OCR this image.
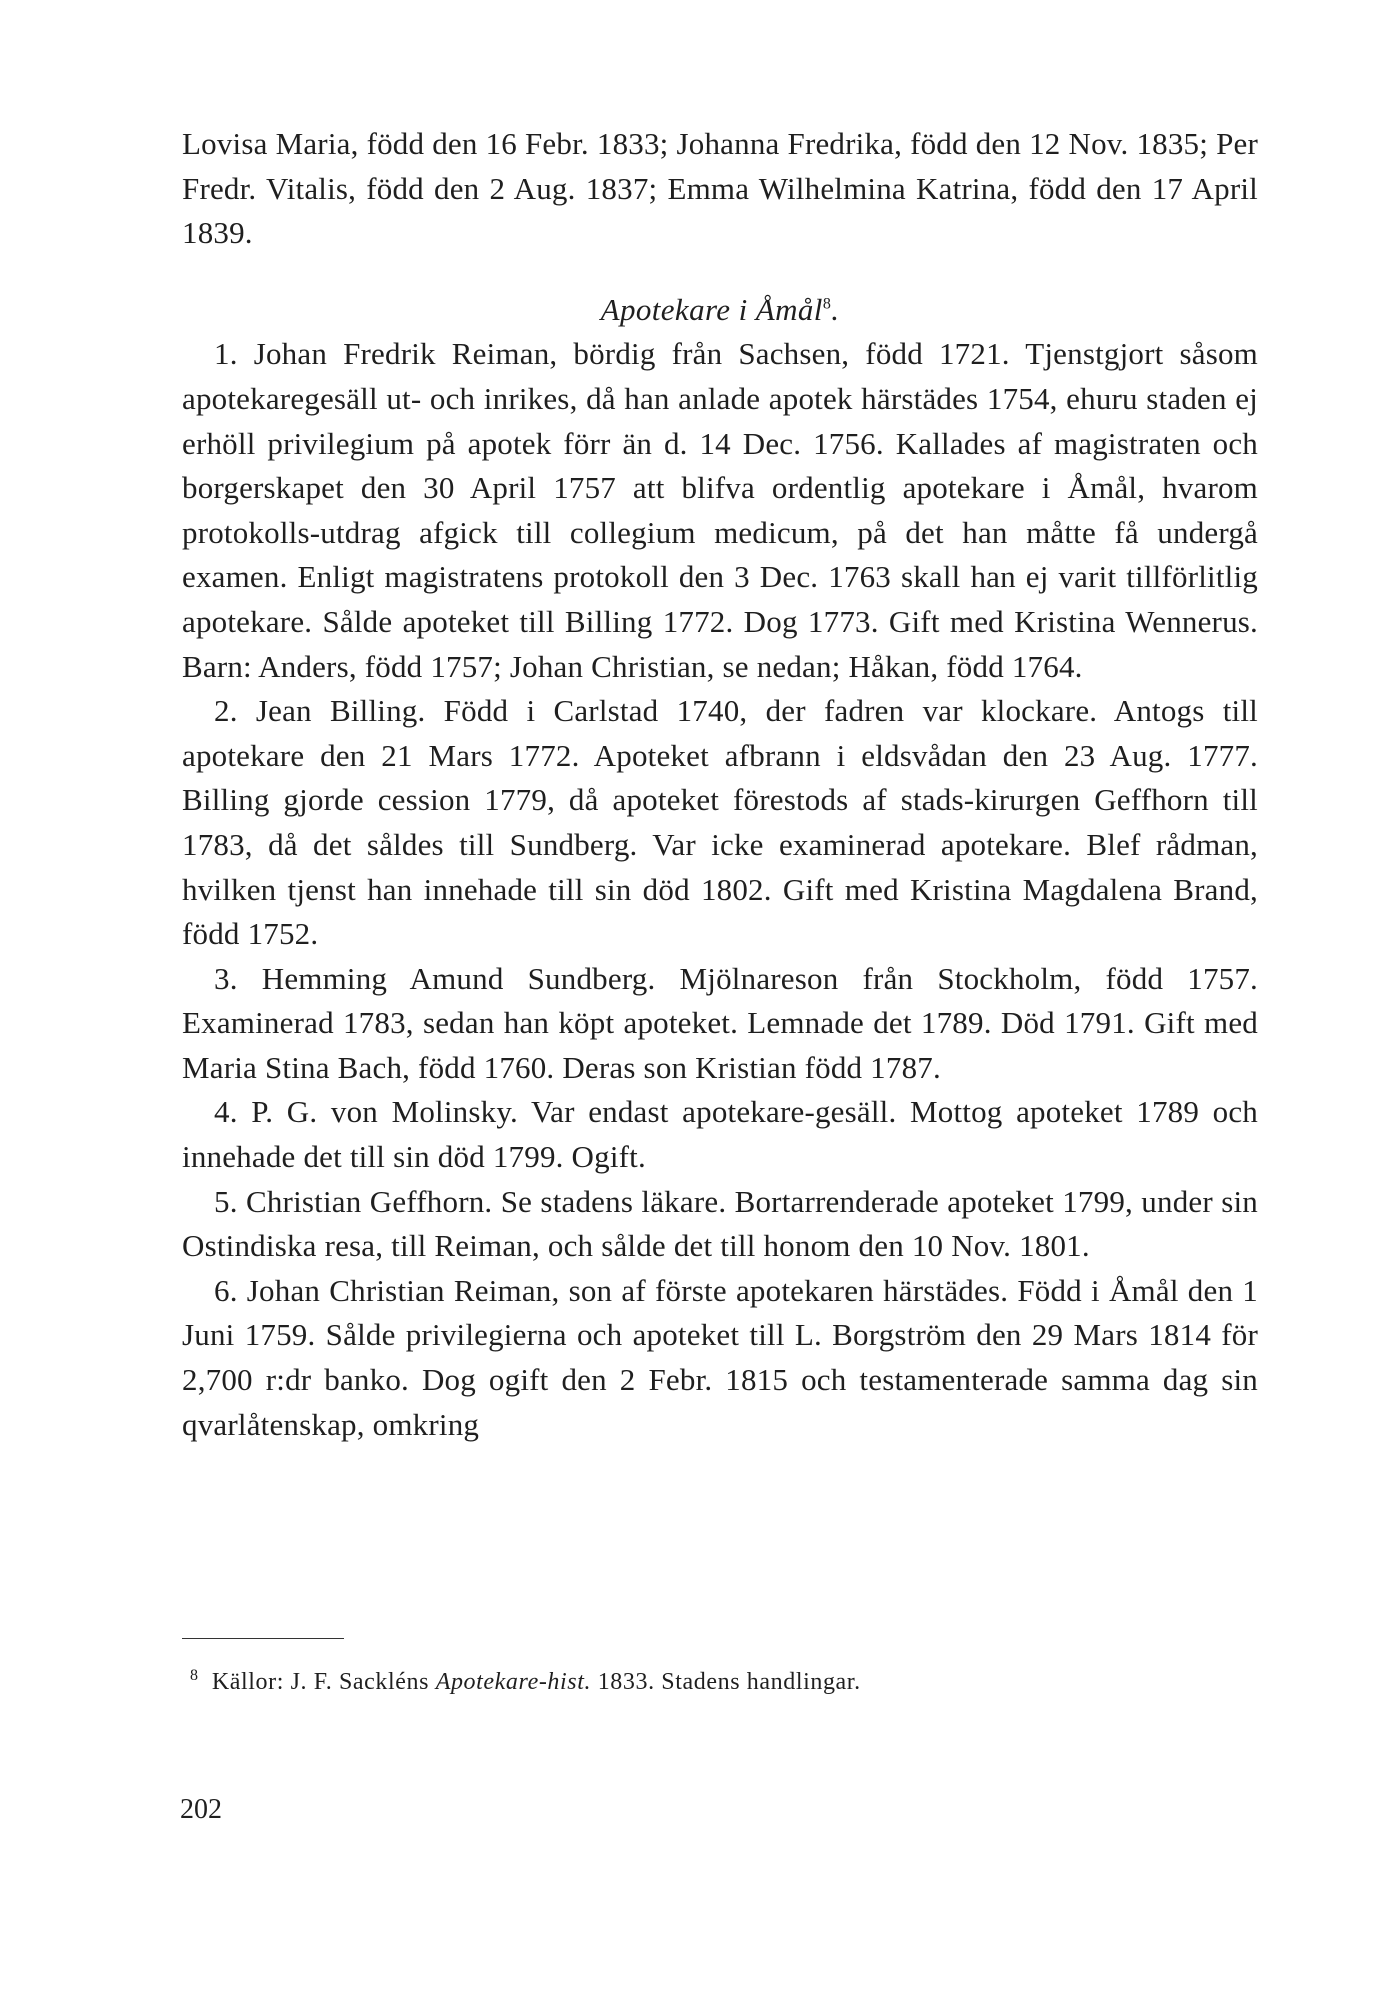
Lovisa Maria, född den 16 Febr. 1833; Johanna Fredrika, född den 12 Nov. 1835; Per Fredr. Vitalis, född den 2 Aug. 1837; Emma Wilhelmina Katrina, född den 17 April 1839.

Apotekare i Åmål$^8$.

1. Johan Fredrik Reiman, bördig från Sachsen, född 1721. Tjenstgjort såsom apotekaregesäll ut- och inrikes, då han anlade apotek härstädes 1754, ehuru staden ej erhöll privilegium på apotek förr än d. 14 Dec. 1756. Kallades af magistraten och borgerskapet den 30 April 1757 att blifva ordentlig apotekare i Åmål, hvarom protokolls-utdrag afgick till collegium medicum, på det han måtte få undergå examen. Enligt magistratens protokoll den 3 Dec. 1763 skall han ej varit tillförlitlig apotekare. Sålde apoteket till Billing 1772. Dog 1773. Gift med Kristina Wennerus. Barn: Anders, född 1757; Johan Christian, se nedan; Håkan, född 1764.

2. Jean Billing. Född i Carlstad 1740, der fadren var klockare. Antogs till apotekare den 21 Mars 1772. Apoteket afbrann i eldsvådan den 23 Aug. 1777. Billing gjorde cession 1779, då apoteket förestods af stads-kirurgen Geffhorn till 1783, då det såldes till Sundberg. Var icke examinerad apotekare. Blef rådman, hvilken tjenst han innehade till sin död 1802. Gift med Kristina Magdalena Brand, född 1752.

3. Hemming Amund Sundberg. Mjölnareson från Stockholm, född 1757. Examinerad 1783, sedan han köpt apoteket. Lemnade det 1789. Död 1791. Gift med Maria Stina Bach, född 1760. Deras son Kristian född 1787.

4. P. G. von Molinsky. Var endast apotekare-gesäll. Mottog apoteket 1789 och innehade det till sin död 1799. Ogift.

5. Christian Geffhorn. Se stadens läkare. Bortarrenderade apoteket 1799, under sin Ostindiska resa, till Reiman, och sålde det till honom den 10 Nov. 1801.

6. Johan Christian Reiman, son af förste apotekaren härstädes. Född i Åmål den 1 Juni 1759. Sålde privilegierna och apoteket till L. Borgström den 29 Mars 1814 för 2,700 r:dr banko. Dog ogift den 2 Febr. 1815 och testamenterade samma dag sin qvarlåtenskap, omkring

$^8$ Källor: J. F. Sackléns Apotekare-hist. 1833. Stadens handlingar.
202
